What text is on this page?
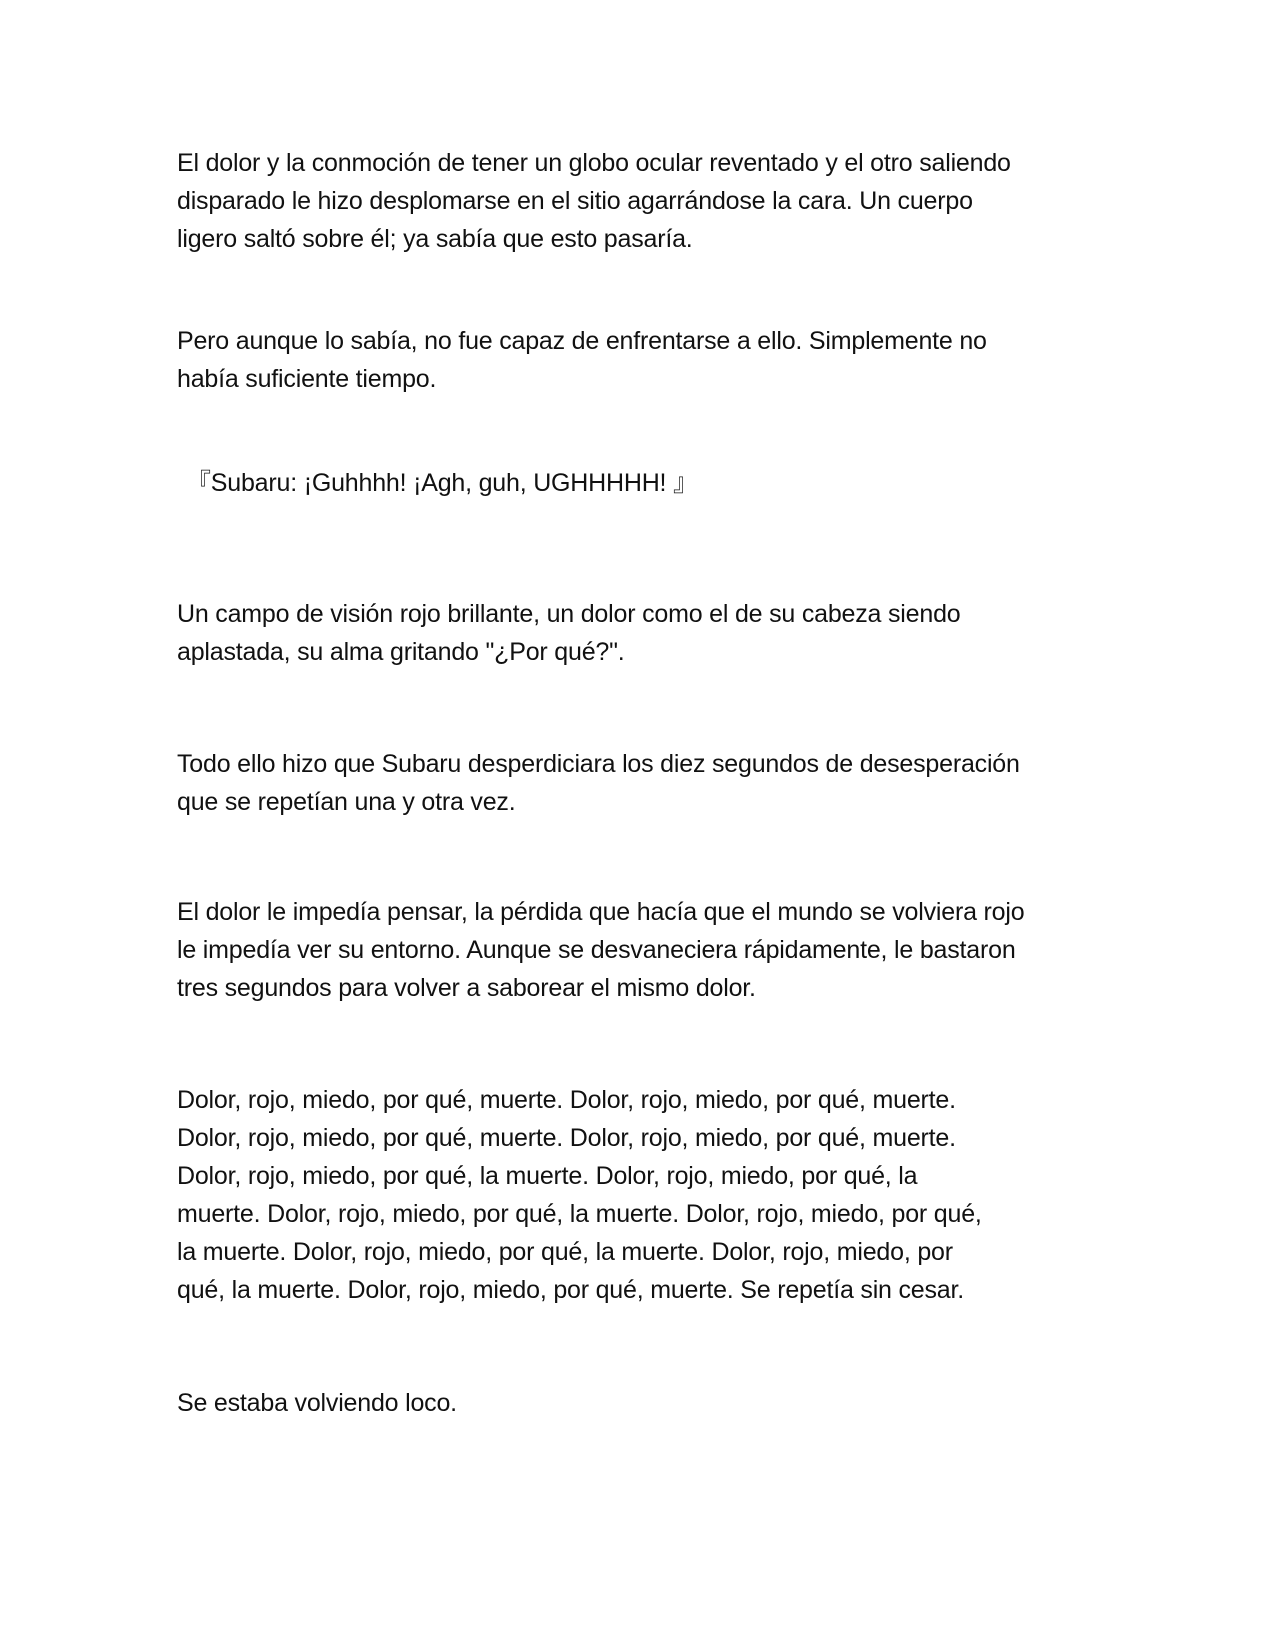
El dolor y la conmoción de tener un globo ocular reventado y el otro saliendo
disparado le hizo desplomarse en el sitio agarrándose la cara. Un cuerpo
ligero saltó sobre él; ya sabía que esto pasaría.

Pero aunque lo sabía, no fue capaz de enfrentarse a ello. Simplemente no
había suficiente tiempo.

『Subaru: ¡Guhhhh! ¡Agh, guh, UGHHHHH! 』

Un campo de visión rojo brillante, un dolor como el de su cabeza siendo
aplastada, su alma gritando "¿Por qué?".

Todo ello hizo que Subaru desperdiciara los diez segundos de desesperación
que se repetían una y otra vez.

El dolor le impedía pensar, la pérdida que hacía que el mundo se volviera rojo
le impedía ver su entorno. Aunque se desvaneciera rápidamente, le bastaron
tres segundos para volver a saborear el mismo dolor.

Dolor, rojo, miedo, por qué, muerte. Dolor, rojo, miedo, por qué, muerte.
Dolor, rojo, miedo, por qué, muerte. Dolor, rojo, miedo, por qué, muerte.
Dolor, rojo, miedo, por qué, la muerte. Dolor, rojo, miedo, por qué, la
muerte. Dolor, rojo, miedo, por qué, la muerte. Dolor, rojo, miedo, por qué,
la muerte. Dolor, rojo, miedo, por qué, la muerte. Dolor, rojo, miedo, por
qué, la muerte. Dolor, rojo, miedo, por qué, muerte. Se repetía sin cesar.

Se estaba volviendo loco.
